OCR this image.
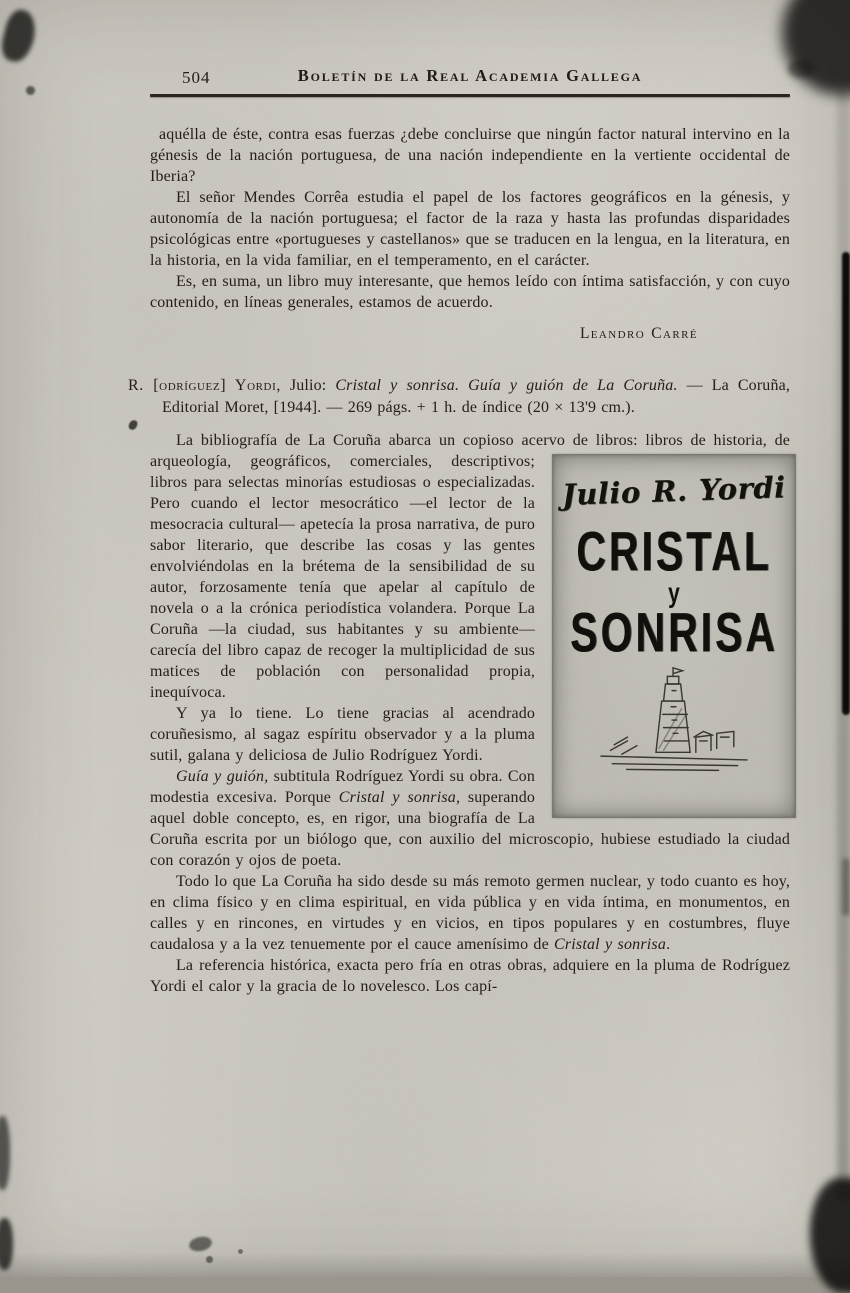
504	Boletín de la Real Academia Gallega
aquélla de éste, contra esas fuerzas ¿debe concluirse que ningún factor natural intervino en la génesis de la nación portuguesa, de una nación independiente en la vertiente occidental de Iberia?
El señor Mendes Corrêa estudia el papel de los factores geográficos en la génesis, y autonomía de la nación portuguesa; el factor de la raza y hasta las profundas disparidades psicológicas entre «portugueses y castellanos» que se traducen en la lengua, en la literatura, en la historia, en la vida familiar, en el temperamento, en el carácter.
Es, en suma, un libro muy interesante, que hemos leído con íntima satisfacción, y con cuyo contenido, en líneas generales, estamos de acuerdo.
Leandro Carré
R. [odríguez] Yordi, Julio: Cristal y sonrisa. Guía y guión de La Coruña. — La Coruña, Editorial Moret, [1944]. — 269 págs. + 1 h. de índice (20 × 13'9 cm.).
La bibliografía de La Coruña abarca un copioso acervo de libros: libros de historia, de arqueología, geográficos, comerciales, descriptivos;
Julio R. Yordi
CRISTAL
y
SONRISA
libros para selectas minorías estudiosas o especializadas. Pero cuando el lector mesocrático —el lector de la mesocracia cultural— apetecía la prosa narrativa, de puro sabor literario, que describe las cosas y las gentes envolviéndolas en la brétema de la sensibilidad de su autor, forzosamente tenía que apelar al capítulo de novela o a la crónica periodística volandera. Porque La Coruña —la ciudad, sus habitantes y su ambiente— carecía del libro capaz de recoger la multiplicidad de sus matices de población con personalidad propia, inequívoca.
Y ya lo tiene. Lo tiene gracias al acendrado coruñesismo, al sagaz espíritu observador y a la pluma sutil, galana y deliciosa de Julio Rodríguez Yordi.
Guía y guión, subtitula Rodríguez Yordi su obra. Con modestia excesiva. Porque Cristal y sonrisa, superando aquel doble concepto, es, en rigor, una biografía de La Coruña escrita por un biólogo que, con auxilio del microscopio, hubiese estudiado la ciudad con corazón y ojos de poeta.
Todo lo que La Coruña ha sido desde su más remoto germen nuclear, y todo cuanto es hoy, en clima físico y en clima espiritual, en vida pública y en vida íntima, en monumentos, en calles y en rincones, en virtudes y en vicios, en tipos populares y en costumbres, fluye caudalosa y a la vez tenuemente por el cauce amenísimo de Cristal y sonrisa.
La referencia histórica, exacta pero fría en otras obras, adquiere en la pluma de Rodríguez Yordi el calor y la gracia de lo novelesco. Los capí-
